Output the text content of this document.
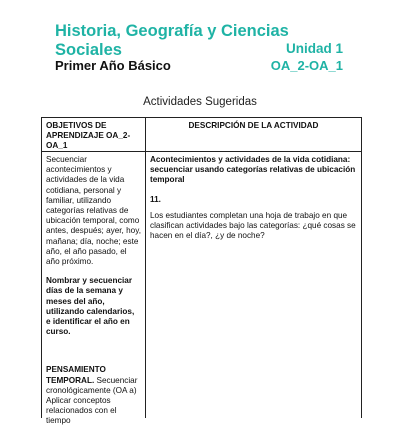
Historia, Geografía y Ciencias Sociales	Unidad 1
Primer Año Básico	OA_2-OA_1
Actividades Sugeridas
OBJETIVOS DE APRENDIZAJE OA_2-OA_1
DESCRIPCIÓN DE LA ACTIVIDAD

Secuenciar acontecimientos y actividades de la vida cotidiana, personal y familiar, utilizando categorías relativas de ubicación temporal, como antes, después; ayer, hoy, mañana; día, noche; este año, el año pasado, el año próximo.

Nombrar y secuenciar días de la semana y meses del año, utilizando calendarios, e identificar el año en curso.

PENSAMIENTO TEMPORAL. Secuenciar cronológicamente (OA a) Aplicar conceptos relacionados con el tiempo

Acontecimientos y actividades de la vida cotidiana: secuenciar usando categorías relativas de ubicación temporal

11.

Los estudiantes completan una hoja de trabajo en que clasifican actividades bajo las categorías: ¿qué cosas se hacen en el día?, ¿y de noche?
